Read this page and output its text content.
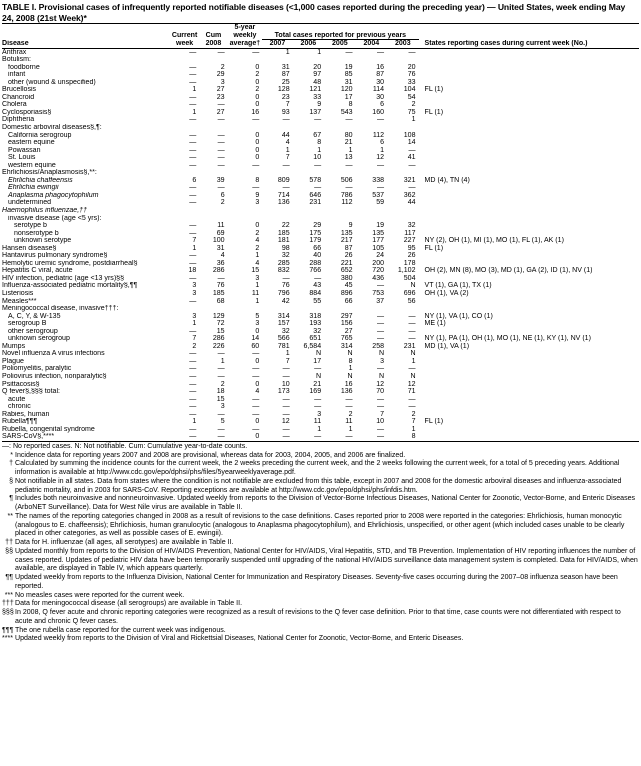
TABLE I. Provisional cases of infrequently reported notifiable diseases (<1,000 cases reported during the preceding year) — United States, week ending May 24, 2008 (21st Week)*
			5-year						
	Current	Cum	weekly	Total cases reported for previous years					
Disease	week	2008	average†	2007	2006	2005	2004	2003	States reporting cases during current week (No.)
Anthrax	—	—	—	1	1	—	—	—	
Botulism:									
foodborne	—	2	0	31	20	19	16	20	
infant	—	29	2	87	97	85	87	76	
other (wound & unspecified)	—	3	0	25	48	31	30	33	
Brucellosis	1	27	2	128	121	120	114	104	FL (1)
Chancroid	—	23	0	23	33	17	30	54	
Cholera	—	—	0	7	9	8	6	2	
Cyclosporiasis§	1	27	16	93	137	543	160	75	FL (1)
Diphtheria	—	—	—	—	—	—	—	1	
Domestic arboviral diseases§,¶:									
California serogroup	—	—	0	44	67	80	112	108	
eastern equine	—	—	0	4	8	21	6	14	
Powassan	—	—	0	1	1	1	1	—	
St. Louis	—	—	0	7	10	13	12	41	
western equine	—	—	—	—	—	—	—	—	
Ehrlichiosis/Anaplasmosis§,**:									
Ehrlichia chaffeensis	6	39	8	809	578	506	338	321	MD (4), TN (4)
Ehrlichia ewingii	—	—	—	—	—	—	—	—	
Anaplasma phagocytophilum	—	6	9	714	646	786	537	362	
undetermined	—	2	3	136	231	112	59	44	
Haemophilus influenzae,††									
invasive disease (age <5 yrs):									
serotype b	—	11	0	22	29	9	19	32	
nonserotype b	—	69	2	185	175	135	135	117	
unknown serotype	7	100	4	181	179	217	177	227	NY (2), OH (1), MI (1), MO (1), FL (1), AK (1)
Hansen disease§	1	31	2	98	66	87	105	95	FL (1)
Hantavirus pulmonary syndrome§	—	4	1	32	40	26	24	26	
Hemolytic uremic syndrome, postdiarrheal§	—	36	4	285	288	221	200	178	
Hepatitis C viral, acute	18	286	15	832	766	652	720	1,102	OH (2), MN (8), MO (3), MD (1), GA (2), ID (1), NV (1)
HIV infection, pediatric (age <13 yrs)§§	—	—	3	—	—	380	436	504	
Influenza-associated pediatric mortality§,¶¶	3	76	1	76	43	45	—	N	VT (1), GA (1), TX (1)
Listeriosis	3	185	11	796	884	896	753	696	OH (1), VA (2)
Measles***	—	68	1	42	55	66	37	56	
Meningococcal disease, invasive†††:									
A, C, Y, & W-135	3	129	5	314	318	297	—	—	NY (1), VA (1), CO (1)
serogroup B	1	72	3	157	193	156	—	—	ME (1)
other serogroup	—	15	0	32	32	27	—	—	
unknown serogroup	7	286	14	566	651	765	—	—	NY (1), PA (1), OH (1), MO (1), NE (1), KY (1), NV (1)
Mumps	2	226	60	781	6,584	314	258	231	MD (1), VA (1)
Novel influenza A virus infections	—	—	—	1	N	N	N	N	
Plague	—	1	0	7	17	8	3	1	
Poliomyelitis, paralytic	—	—	—	—	—	1	—	—	
Poliovirus infection, nonparalytic§	—	—	—	—	N	N	N	N	
Psittacosis§	—	2	0	10	21	16	12	12	
Q fever§,§§§ total:	—	18	4	173	169	136	70	71	
acute	—	15	—	—	—	—	—	—	
chronic	—	3	—	—	—	—	—	—	
Rabies, human	—	—	—	—	3	2	7	2	
Rubella¶¶¶	1	5	0	12	11	11	10	7	FL (1)
Rubella, congenital syndrome	—	—	—	—	1	1	—	1	
SARS-CoV§,****	—	—	0	—	—	—	—	8	
—: No reported cases. N: Not notifiable. Cum: Cumulative year-to-date counts.
* Incidence data for reporting years 2007 and 2008 are provisional, whereas data for 2003, 2004, 2005, and 2006 are finalized.
† Calculated by summing the incidence counts for the current week, the 2 weeks preceding the current week, and the 2 weeks following the current week, for a total of 5 preceding years. Additional information is available at http://www.cdc.gov/epo/dphsi/phs/files/5yearweeklyaverage.pdf.
§ Not notifiable in all states. Data from states where the condition is not notifiable are excluded from this table, except in 2007 and 2008 for the domestic arboviral diseases and influenza-associated pediatric mortality, and in 2003 for SARS-CoV. Reporting exceptions are available at http://www.cdc.gov/epo/dphsi/phs/infdis.htm.
¶ Includes both neuroinvasive and nonneuroinvasive. Updated weekly from reports to the Division of Vector-Borne Infectious Diseases, National Center for Zoonotic, Vector-Borne, and Enteric Diseases (ArboNET Surveillance). Data for West Nile virus are available in Table II.
** The names of the reporting categories changed in 2008 as a result of revisions to the case definitions. Cases reported prior to 2008 were reported in the categories: Ehrlichiosis, human monocytic (analogous to E. chaffeensis); Ehrlichiosis, human granulocytic (analogous to Anaplasma phagocytophilum), and Ehrlichiosis, unspecified, or other agent (which included cases unable to be clearly placed in other categories, as well as possible cases of E. ewingii).
†† Data for H. influenzae (all ages, all serotypes) are available in Table II.
§§ Updated monthly from reports to the Division of HIV/AIDS Prevention, National Center for HIV/AIDS, Viral Hepatitis, STD, and TB Prevention. Implementation of HIV reporting influences the number of cases reported. Updates of pediatric HIV data have been temporarily suspended until upgrading of the national HIV/AIDS surveillance data management system is completed. Data for HIV/AIDS, when available, are displayed in Table IV, which appears quarterly.
¶¶ Updated weekly from reports to the Influenza Division, National Center for Immunization and Respiratory Diseases. Seventy-five cases occurring during the 2007–08 influenza season have been reported.
*** No measles cases were reported for the current week.
††† Data for meningococcal disease (all serogroups) are available in Table II.
§§§ In 2008, Q fever acute and chronic reporting categories were recognized as a result of revisions to the Q fever case definition. Prior to that time, case counts were not differentiated with respect to acute and chronic Q fever cases.
¶¶¶ The one rubella case reported for the current week was indigenous.
**** Updated weekly from reports to the Division of Viral and Rickettsial Diseases, National Center for Zoonotic, Vector-Borne, and Enteric Diseases.
